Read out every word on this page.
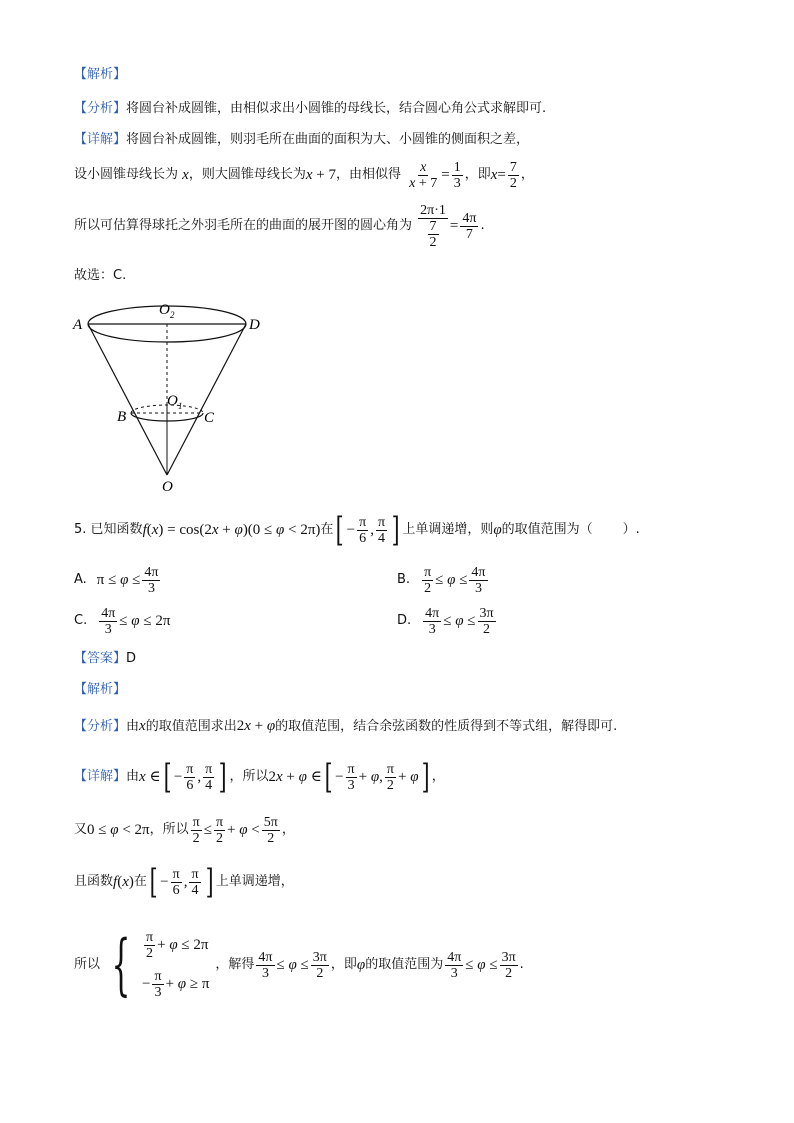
【解析】
【分析】将圆台补成圆锥，由相似求出小圆锥的母线长，结合圆心角公式求解即可.
【详解】将圆台补成圆锥，则羽毛所在曲面的面积为大、小圆锥的侧面积之差，
设小圆锥母线长为 x，则大圆锥母线长为x + 7，由相似得 $\frac{x}{x + 7} = \frac{1}{3}$ ，即$x= \frac{7}{2}$ ，
所以可估算得球托之外羽毛所在的曲面的展开图的圆心角为 $\frac{2\pi\cdot 1}{\frac{7}{2}} = \frac{4\pi}{7}$ .
故选：C.
A	D
O 2
O 1
B	C
O
5. 已知函数f(x) = cos(2x + φ)(0 ≤ φ < 2π)在[ − $\frac{\pi}{6}$ , $\frac{\pi}{4}$ ] 上单调递增，则φ的取值范围为（ ）.
A. $\pi \le \varphi \le \frac{4\pi}{3}$	B. $\frac{\pi}{2} \le \varphi \le \frac{4\pi}{3}$
C. $\frac{4\pi}{3} \le \varphi \le 2\pi$	D. $\frac{4\pi}{3} \le \varphi \le \frac{3\pi}{2}$
【答案】D
【解析】
【分析】由x的取值范围求出2x + φ的取值范围，结合余弦函数的性质得到不等式组，解得即可.
【详解】由x ∈[ − $\frac{\pi}{6}$ , $\frac{\pi}{4}$ ] ，所以2x + φ ∈[ − $\frac{\pi}{3} + \varphi$, $\frac{\pi}{2} + \varphi$] ，
又0 ≤ φ < 2π，所以 $\frac{\pi}{2} \le \frac{\pi}{2} + \varphi < \frac{5\pi}{2}$ ，
且函数f(x)在[ − $\frac{\pi}{6}$ , $\frac{\pi}{4}$ ] 上单调递增，
所以 { $\frac{\pi}{2} + \varphi \le 2\pi$
− $\frac{\pi}{3} + \varphi \ge \pi$
，解得 $\frac{4\pi}{3} \le \varphi \le \frac{3\pi}{2}$ ，即φ的取值范围为 $\frac{4\pi}{3} \le \varphi \le \frac{3\pi}{2}$ .
